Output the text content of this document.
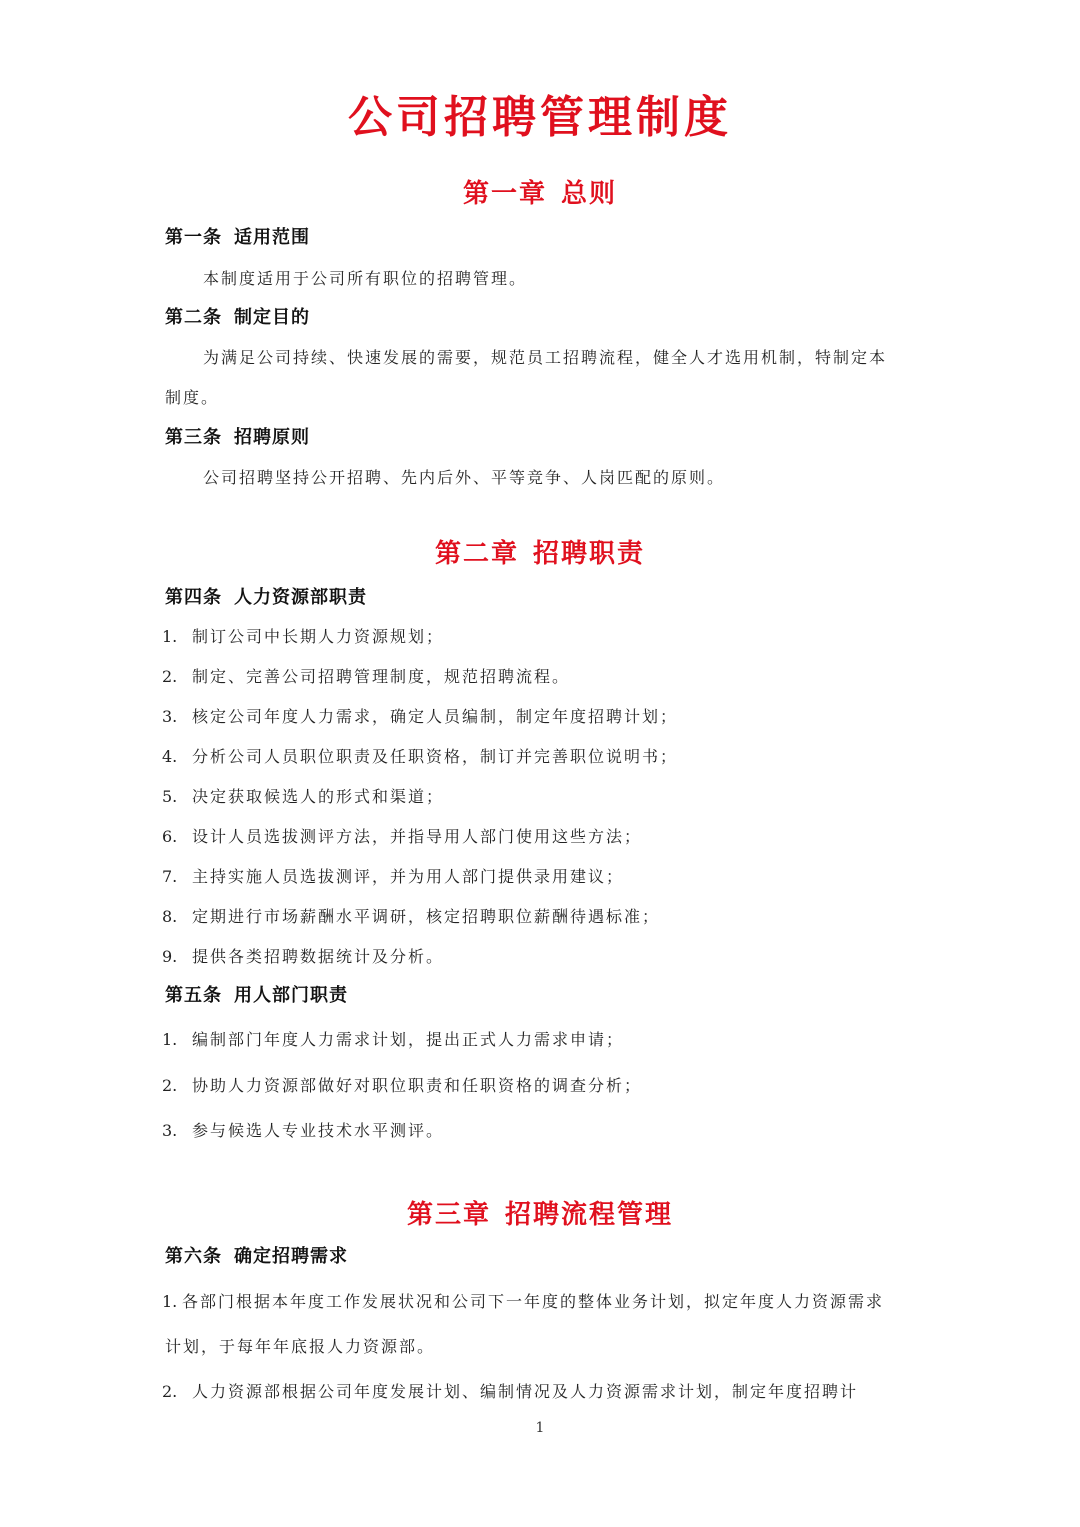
公司招聘管理制度
第一章 总则
第一条 适用范围

本制度适用于公司所有职位的招聘管理。

第二条 制定目的

为满足公司持续、快速发展的需要，规范员工招聘流程，健全人才选用机制，特制定本

制度。

第三条 招聘原则

公司招聘坚持公开招聘、先内后外、平等竞争、人岗匹配的原则。

第二章 招聘职责
第四条 人力资源部职责

1. 制订公司中长期人力资源规划；

2. 制定、完善公司招聘管理制度，规范招聘流程。

3. 核定公司年度人力需求，确定人员编制，制定年度招聘计划；

4. 分析公司人员职位职责及任职资格，制订并完善职位说明书；

5. 决定获取候选人的形式和渠道；

6. 设计人员选拔测评方法，并指导用人部门使用这些方法；

7. 主持实施人员选拔测评，并为用人部门提供录用建议；

8. 定期进行市场薪酬水平调研，核定招聘职位薪酬待遇标准；

9. 提供各类招聘数据统计及分析。

第五条 用人部门职责

1. 编制部门年度人力需求计划，提出正式人力需求申请；

2. 协助人力资源部做好对职位职责和任职资格的调查分析；

3. 参与候选人专业技术水平测评。

第三章 招聘流程管理
第六条 确定招聘需求

1. 各部门根据本年度工作发展状况和公司下一年度的整体业务计划，拟定年度人力资源需求

计划，于每年年底报人力资源部。

2. 人力资源部根据公司年度发展计划、编制情况及人力资源需求计划，制定年度招聘计

1
